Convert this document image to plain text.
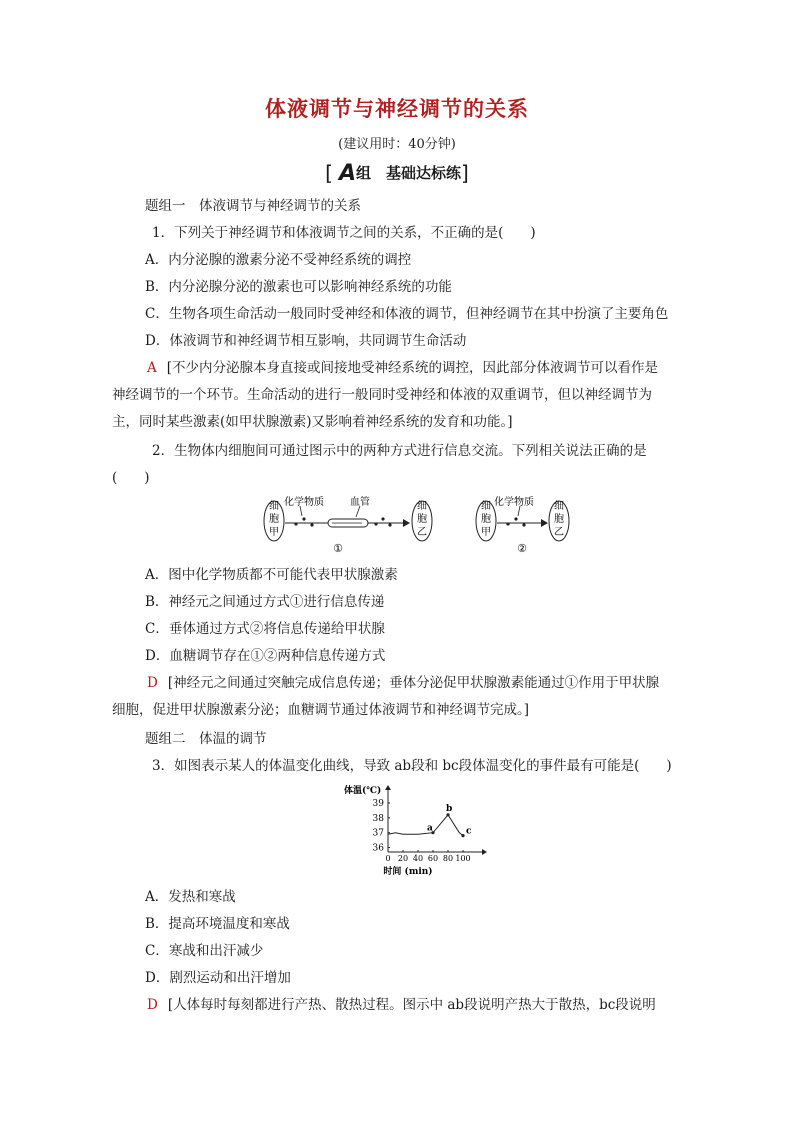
体液调节与神经调节的关系
(建议用时：40分钟)
[ A组　基础达标练]
题组一　体液调节与神经调节的关系
1．下列关于神经调节和体液调节之间的关系，不正确的是(　　)
A．内分泌腺的激素分泌不受神经系统的调控
B．内分泌腺分泌的激素也可以影响神经系统的功能
C．生物各项生命活动一般同时受神经和体液的调节，但神经调节在其中扮演了主要角色
D．体液调节和神经调节相互影响，共同调节生命活动
A [不少内分泌腺本身直接或间接地受神经系统的调控，因此部分体液调节可以看作是
神经调节的一个环节。生命活动的进行一般同时受神经和体液的双重调节，但以神经调节为
主，同时某些激素(如甲状腺激素)又影响着神经系统的发育和功能。]
2．生物体内细胞间可通过图示中的两种方式进行信息交流。下列相关说法正确的是
(　　)
细
胞
甲
化学物质	血管	细
胞
乙
①
细
胞
甲
化学物质 细
胞
乙
②
A．图中化学物质都不可能代表甲状腺激素
B．神经元之间通过方式①进行信息传递
C．垂体通过方式②将信息传递给甲状腺
D．血糖调节存在①②两种信息传递方式
D [神经元之间通过突触完成信息传递；垂体分泌促甲状腺激素能通过①作用于甲状腺
细胞，促进甲状腺激素分泌；血糖调节通过体液调节和神经调节完成。]
题组二　体温的调节
3．如图表示某人的体温变化曲线，导致 ab段和 bc段体温变化的事件最有可能是(　　)
体温(℃)
时间 (min)
0 20 40 60 80 100
36
37
38
39
a
b
c
A．发热和寒战
B．提高环境温度和寒战
C．寒战和出汗减少
D．剧烈运动和出汗增加
D [人体每时每刻都进行产热、散热过程。图示中 ab段说明产热大于散热，bc段说明
